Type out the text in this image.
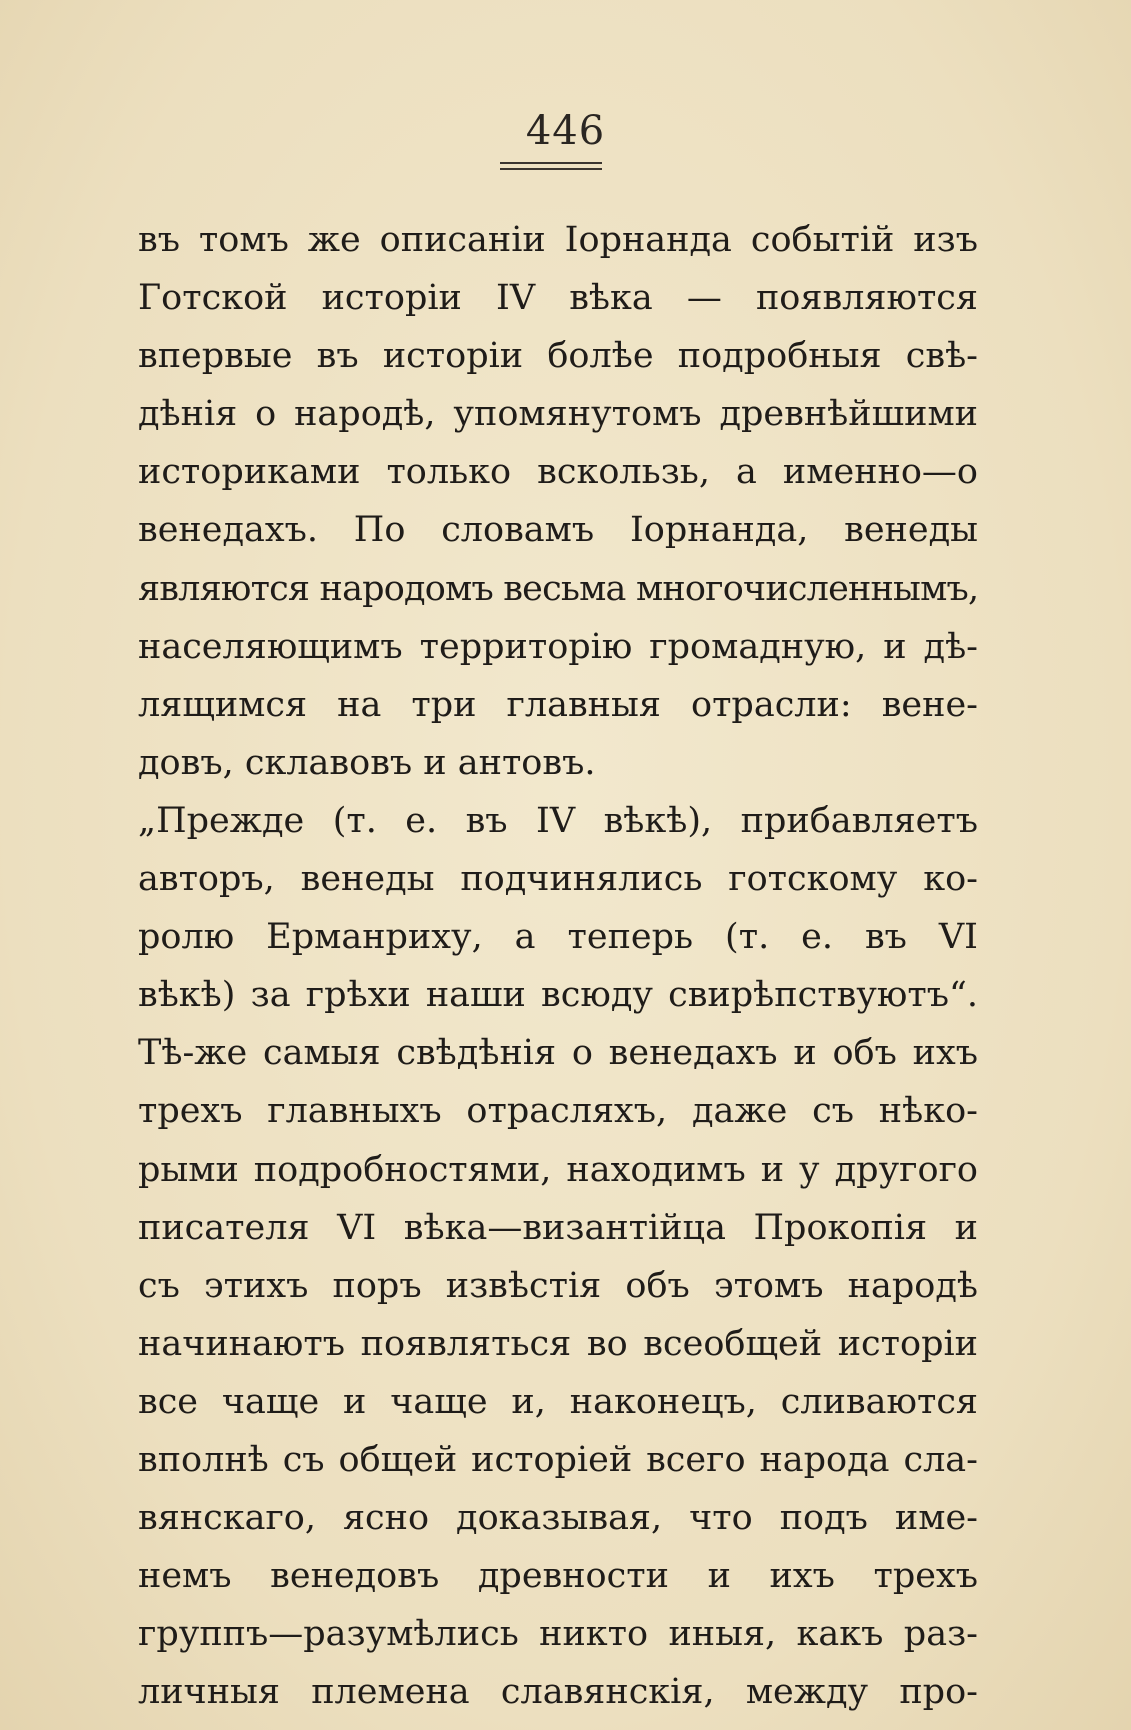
446
въ томъ же описаніи Іорнанда событій изъ
Готской исторіи IV вѣка — появляются
впервые въ исторіи болѣе подробныя свѣ-
дѣнія о народѣ, упомянутомъ древнѣйшими
историками только вскользь, а именно—о
венедахъ. По словамъ Іорнанда, венеды
являются народомъ весьма многочисленнымъ,
населяющимъ территорію громадную, и дѣ-
лящимся на три главныя отрасли: вене-
довъ, склавовъ и антовъ.
„Прежде (т. е. въ IV вѣкѣ), прибавляетъ
авторъ, венеды подчинялись готскому ко-
ролю Ерманриху, а теперь (т. е. въ VI
вѣкѣ) за грѣхи наши всюду свирѣпствуютъ“.
Тѣ-же самыя свѣдѣнія о венедахъ и объ ихъ
трехъ главныхъ отрасляхъ, даже съ нѣко-
рыми подробностями, находимъ и у другого
писателя VI вѣка—византійца Прокопія и
съ этихъ поръ извѣстія объ этомъ народѣ
начинаютъ появляться во всеобщей исторіи
все чаще и чаще и, наконецъ, сливаются
вполнѣ съ общей исторіей всего народа сла-
вянскаго, ясно доказывая, что подъ име-
немъ венедовъ древности и ихъ трехъ
группъ—разумѣлись никто иныя, какъ раз-
личныя племена славянскія, между про-
